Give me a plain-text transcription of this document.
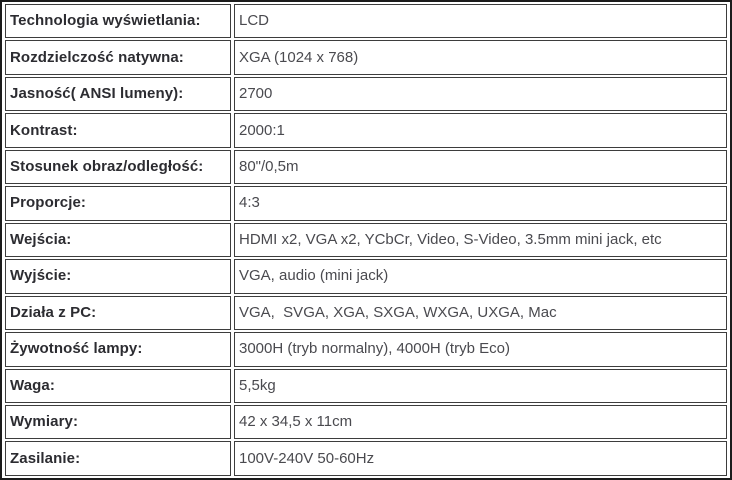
Technologia wyświetlania:	LCD
Rozdzielczość natywna:	XGA (1024 x 768)
Jasność( ANSI lumeny):	2700
Kontrast:	2000:1
Stosunek obraz/odległość:	80"/0,5m
Proporcje:	4:3
Wejścia:	HDMI x2, VGA x2, YCbCr, Video, S-Video, 3.5mm mini jack, etc
Wyjście:	VGA, audio (mini jack)
Działa z PC:	VGA,  SVGA, XGA, SXGA, WXGA, UXGA, Mac
Żywotność lampy:	3000H (tryb normalny), 4000H (tryb Eco)
Waga:	5,5kg
Wymiary:	42 x 34,5 x 11cm
Zasilanie:	100V-240V 50-60Hz
